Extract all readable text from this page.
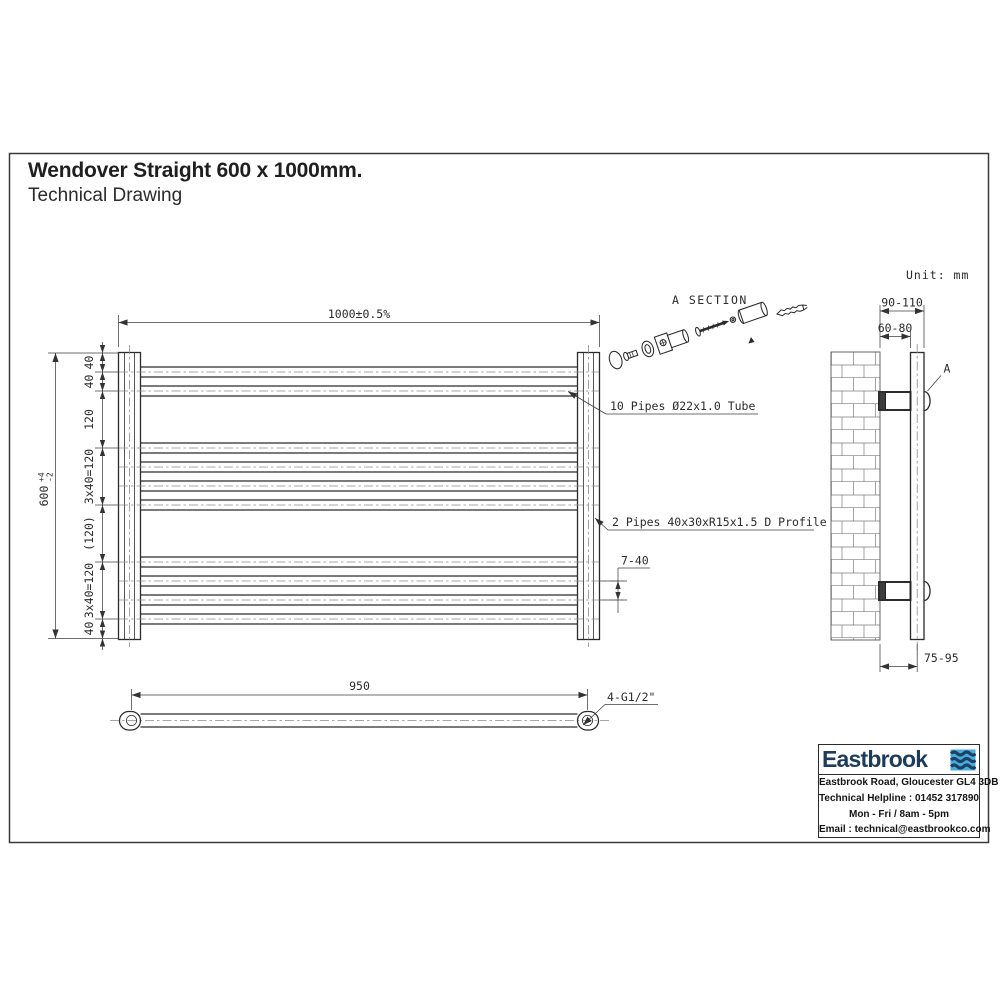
Wendover Straight 600 x 1000mm.
Technical Drawing
Unit: mm
1000±0.5%
600
+4 -2
40
40
120
3x40=120
(120)
3x40=120
40
7-40
10 Pipes Ø22x1.0 Tube
2 Pipes 40x30xR15x1.5 D Profile
A SECTION	90-110
60-80
75-95
A
950
4-G1/2"
Eastbrook
Eastbrook Road, Gloucester GL4 3DB
Technical Helpline : 01452 317890
Mon - Fri / 8am - 5pm
Email : technical@eastbrookco.com
